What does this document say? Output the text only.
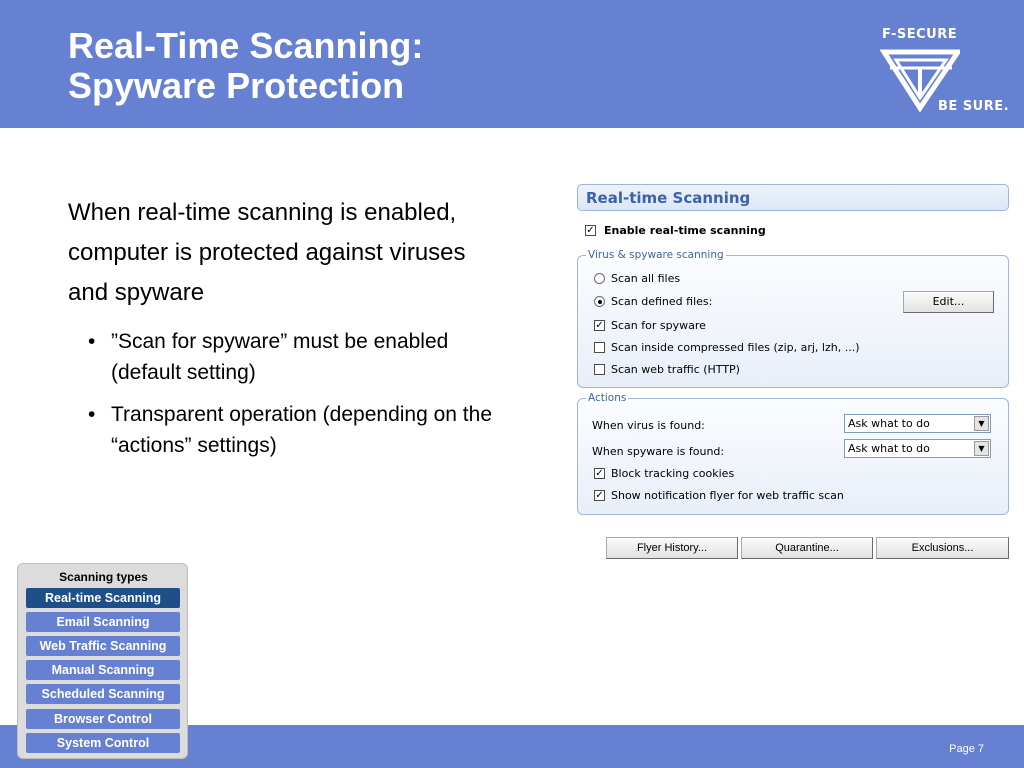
Real-Time Scanning:
Spyware Protection
F-SECURE
BE SURE.
When real-time scanning is enabled, computer is protected against viruses and spyware
• ”Scan for spyware” must be enabled (default setting)
• Transparent operation (depending on the “actions” settings)
Real-time Scanning
✓ Enable real-time scanning
Virus & spyware scanning
Scan all files
Scan defined files:	Edit...
✓ Scan for spyware
Scan inside compressed files (zip, arj, lzh, ...)
Scan web traffic (HTTP)
Actions
When virus is found:	Ask what to do	▼
When spyware is found:	Ask what to do	▼
✓ Block tracking cookies
✓ Show notification flyer for web traffic scan
Flyer History...	Quarantine...	Exclusions...
Page 7
Scanning types
Real-time Scanning
Email Scanning
Web Traffic Scanning
Manual Scanning
Scheduled Scanning
Browser Control
System Control
